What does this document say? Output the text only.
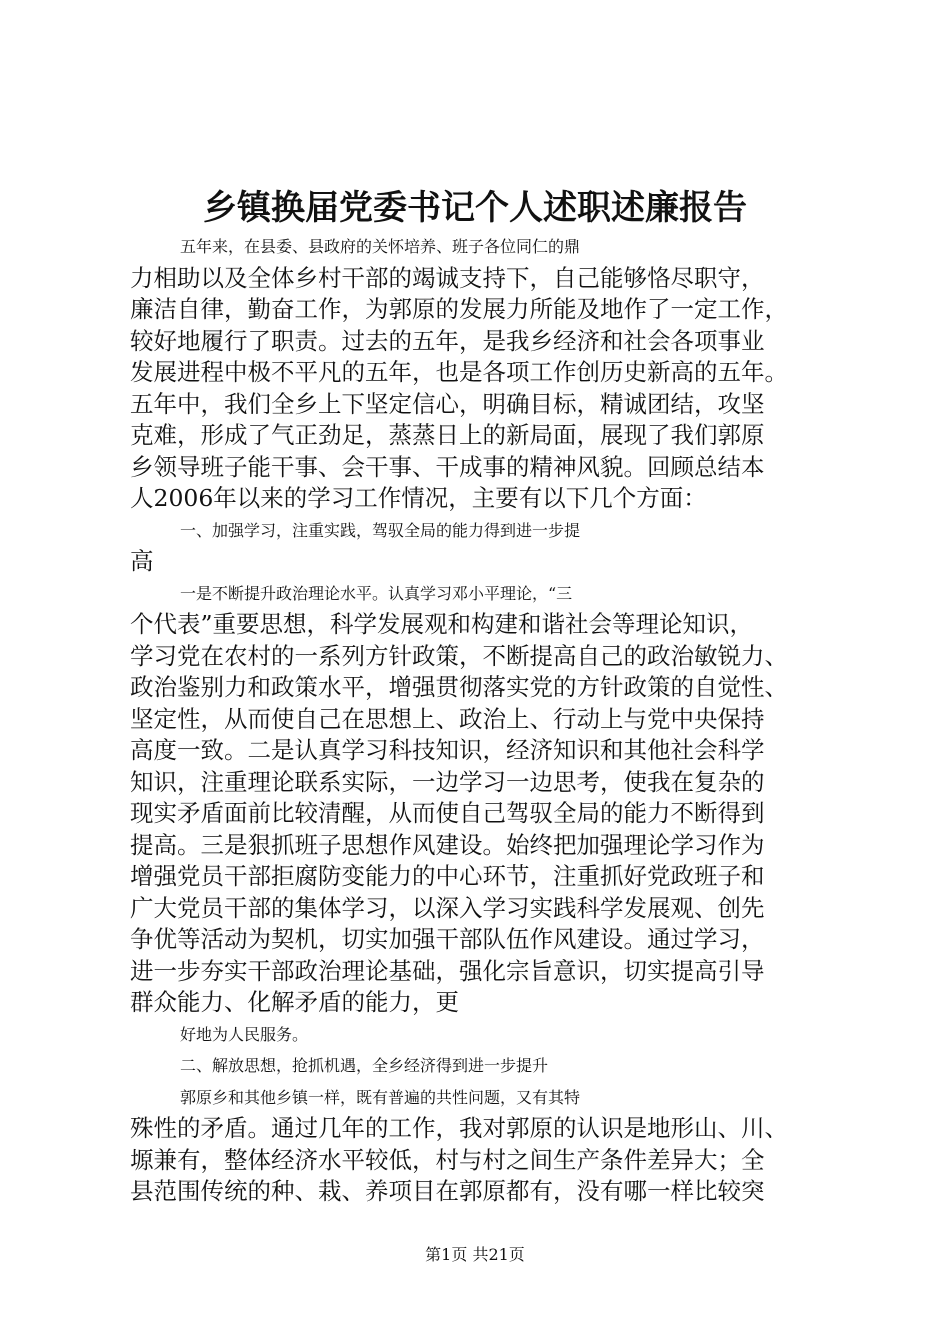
乡镇换届党委书记个人述职述廉报告
五年来，在县委、县政府的关怀培养、班子各位同仁的鼎
力相助以及全体乡村干部的竭诚支持下，自己能够恪尽职守，
廉洁自律，勤奋工作，为郭原的发展力所能及地作了一定工作，
较好地履行了职责。过去的五年，是我乡经济和社会各项事业
发展进程中极不平凡的五年，也是各项工作创历史新高的五年。
五年中，我们全乡上下坚定信心，明确目标，精诚团结，攻坚
克难，形成了气正劲足，蒸蒸日上的新局面，展现了我们郭原
乡领导班子能干事、会干事、干成事的精神风貌。回顾总结本
人2006年以来的学习工作情况，主要有以下几个方面：
一、加强学习，注重实践，驾驭全局的能力得到进一步提
高
一是不断提升政治理论水平。认真学习邓小平理论，“三
个代表”重要思想，科学发展观和构建和谐社会等理论知识，
学习党在农村的一系列方针政策，不断提高自己的政治敏锐力、
政治鉴别力和政策水平，增强贯彻落实党的方针政策的自觉性、
坚定性，从而使自己在思想上、政治上、行动上与党中央保持
高度一致。二是认真学习科技知识，经济知识和其他社会科学
知识，注重理论联系实际，一边学习一边思考，使我在复杂的
现实矛盾面前比较清醒，从而使自己驾驭全局的能力不断得到
提高。三是狠抓班子思想作风建设。始终把加强理论学习作为
增强党员干部拒腐防变能力的中心环节，注重抓好党政班子和
广大党员干部的集体学习，以深入学习实践科学发展观、创先
争优等活动为契机，切实加强干部队伍作风建设。通过学习，
进一步夯实干部政治理论基础，强化宗旨意识，切实提高引导
群众能力、化解矛盾的能力，更
好地为人民服务。
二、解放思想，抢抓机遇，全乡经济得到进一步提升
郭原乡和其他乡镇一样，既有普遍的共性问题，又有其特
殊性的矛盾。通过几年的工作，我对郭原的认识是地形山、川、
塬兼有，整体经济水平较低，村与村之间生产条件差异大；全
县范围传统的种、栽、养项目在郭原都有，没有哪一样比较突
第1页 共21页
